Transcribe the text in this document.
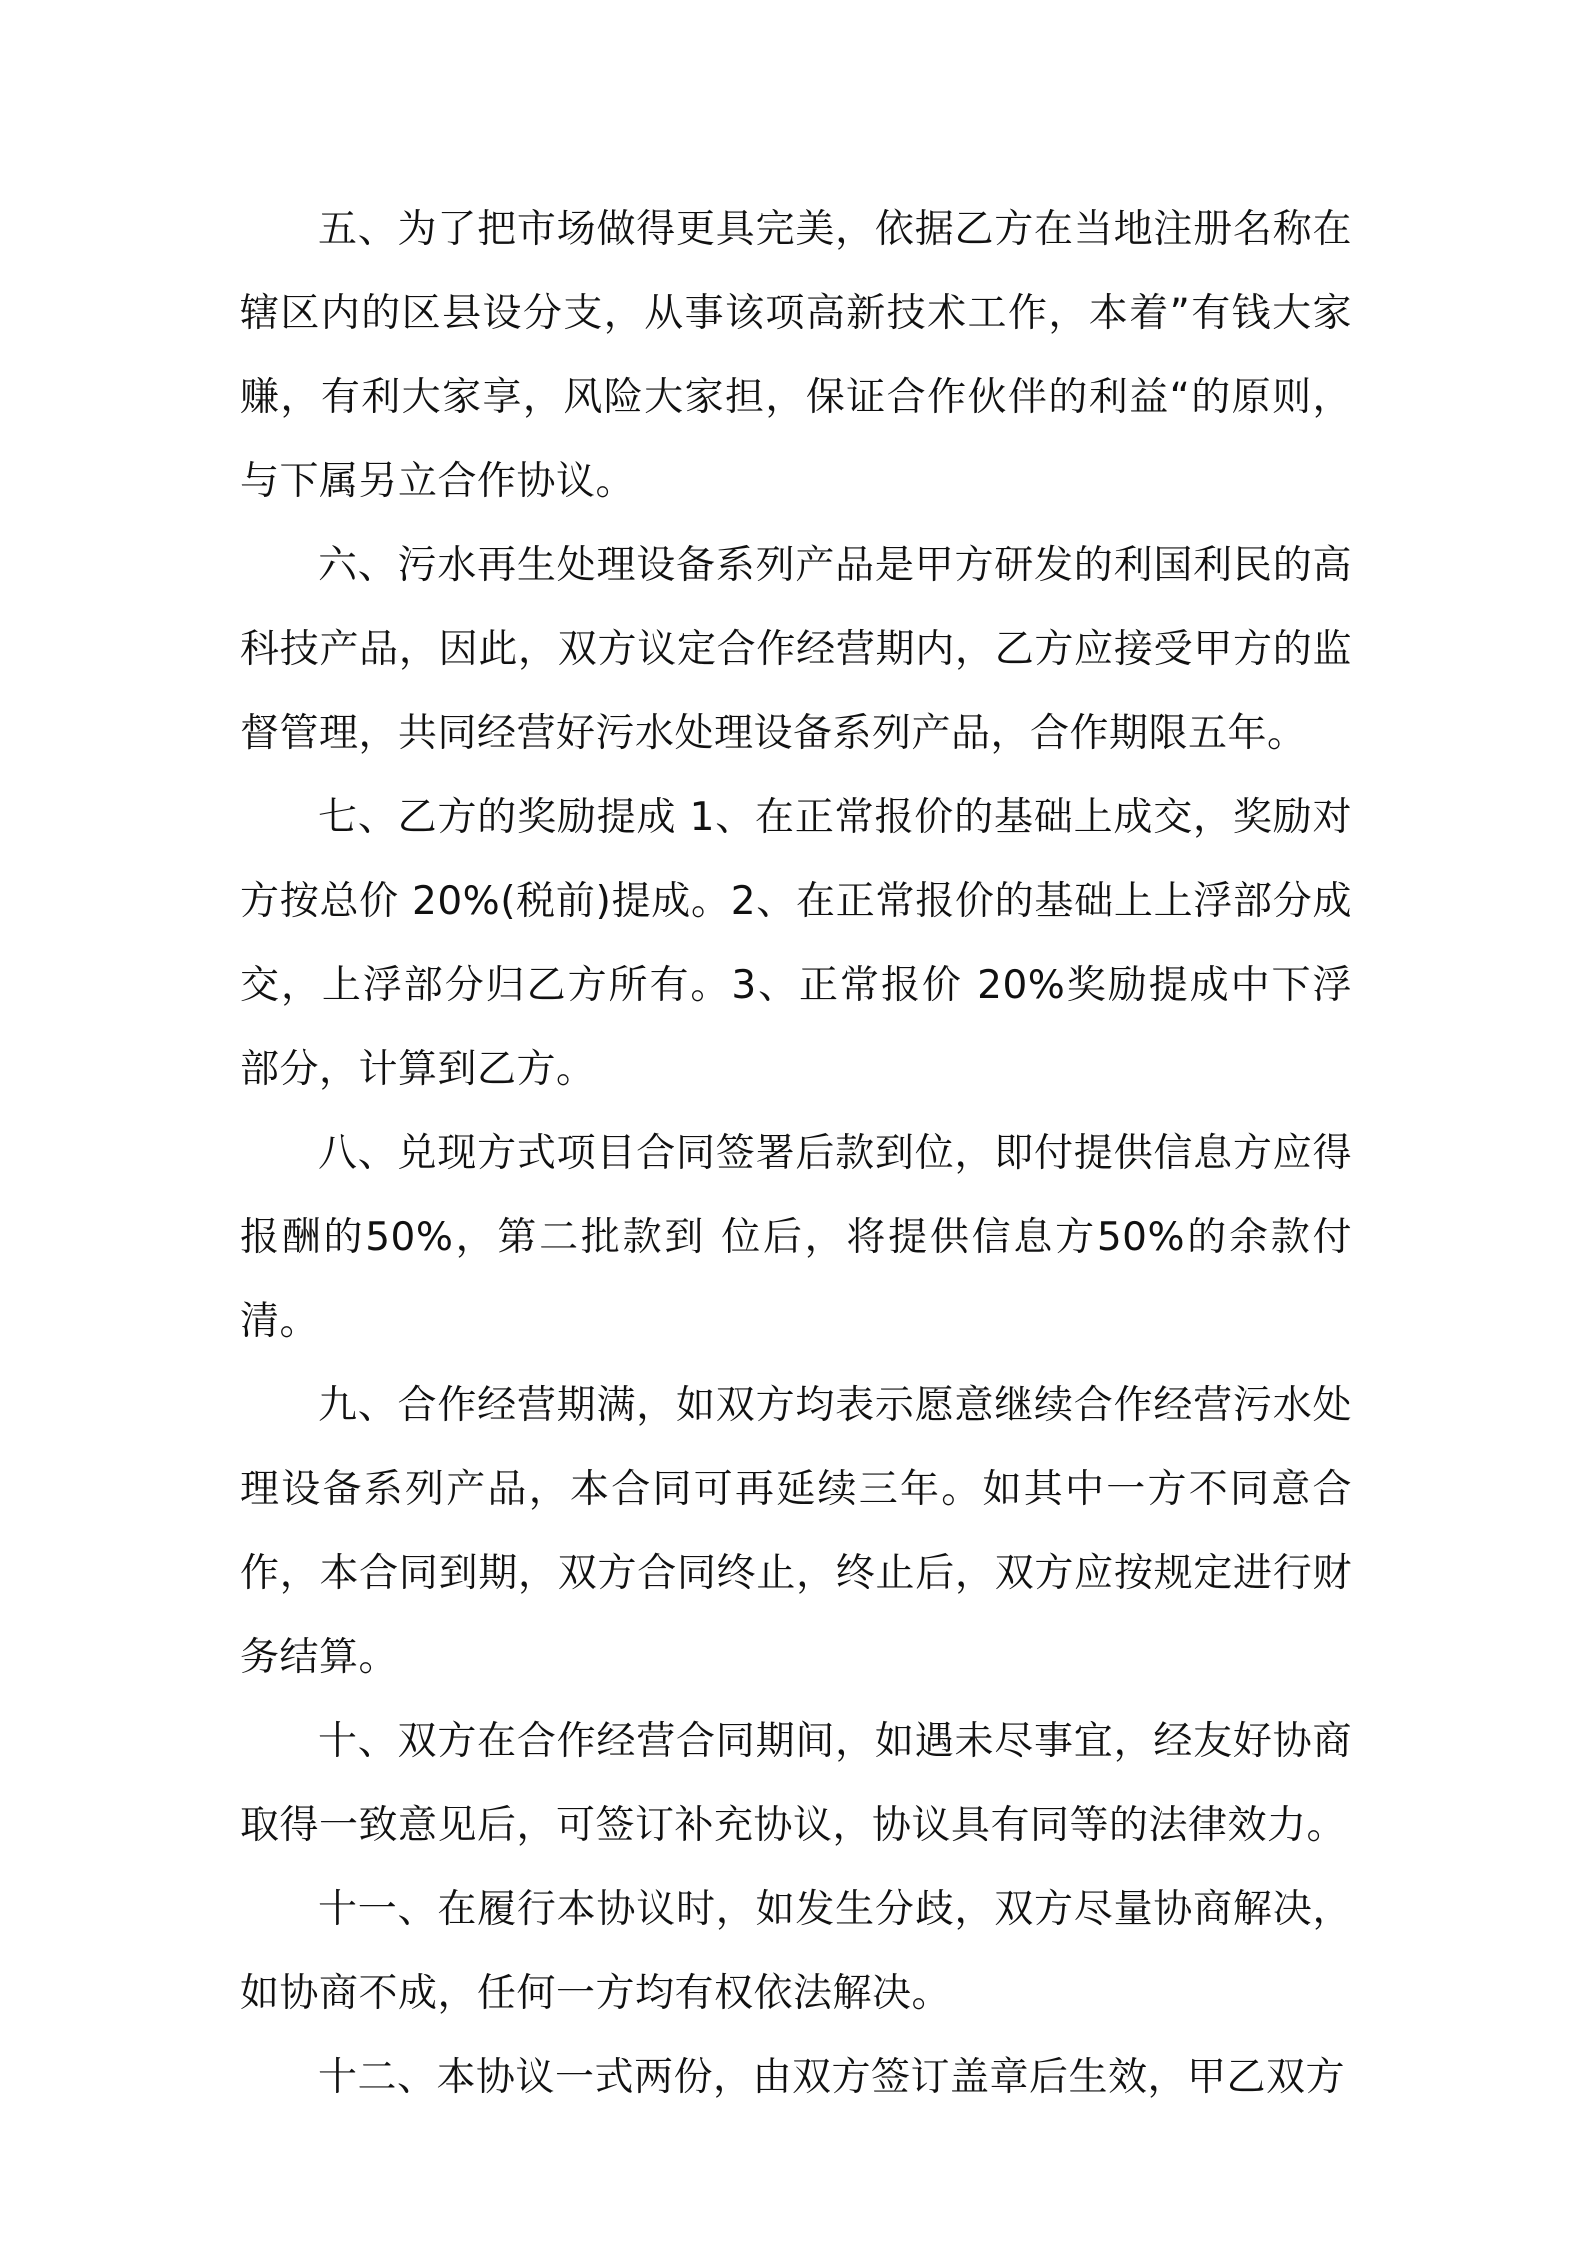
五、为了把市场做得更具完美，依据乙方在当地注册名称在辖区内的区县设分支，从事该项高新技术工作，本着”有钱大家赚，有利大家享，风险大家担，保证合作伙伴的利益“的原则，与下属另立合作协议。

六、污水再生处理设备系列产品是甲方研发的利国利民的高科技产品，因此，双方议定合作经营期内，乙方应接受甲方的监督管理，共同经营好污水处理设备系列产品，合作期限五年。

七、乙方的奖励提成 1、在正常报价的基础上成交，奖励对方按总价 20%(税前)提成。2、在正常报价的基础上上浮部分成交，上浮部分归乙方所有。3、正常报价 20%奖励提成中下浮部分，计算到乙方。

八、兑现方式项目合同签署后款到位，即付提供信息方应得报酬的50%，第二批款到 位后，将提供信息方50%的余款付清。

九、合作经营期满，如双方均表示愿意继续合作经营污水处理设备系列产品，本合同可再延续三年。如其中一方不同意合作，本合同到期，双方合同终止，终止后，双方应按规定进行财务结算。

十、双方在合作经营合同期间，如遇未尽事宜，经友好协商取得一致意见后，可签订补充协议，协议具有同等的法律效力。

十一、在履行本协议时，如发生分歧，双方尽量协商解决，如协商不成，任何一方均有权依法解决。

十二、本协议一式两份，由双方签订盖章后生效，甲乙双方
